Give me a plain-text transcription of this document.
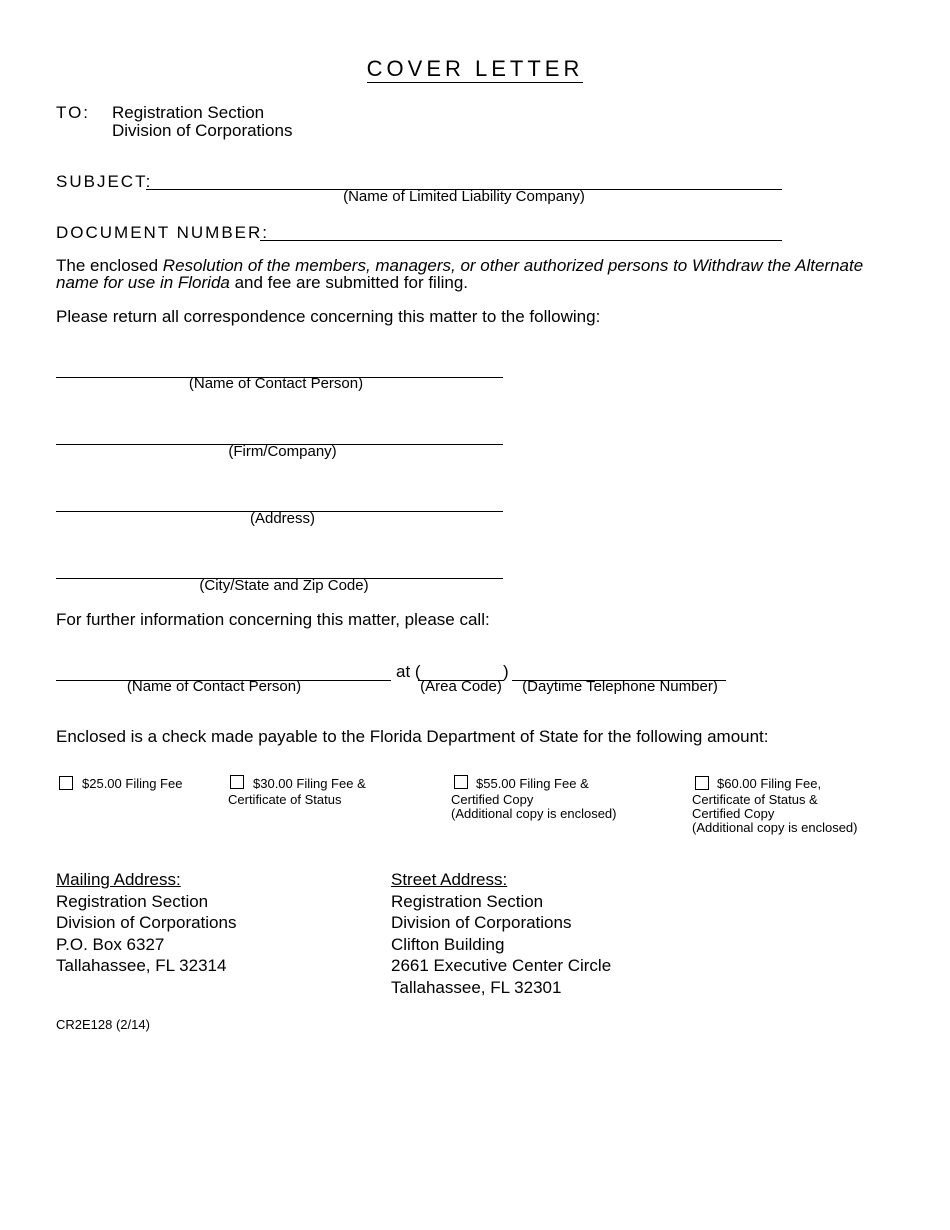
COVER LETTER
TO: Registration Section
Division of Corporations
SUBJECT:
(Name of Limited Liability Company)
DOCUMENT NUMBER:
The enclosed Resolution of the members, managers, or other authorized persons to Withdraw the Alternate
name for use in Florida and fee are submitted for filing.
Please return all correspondence concerning this matter to the following:
(Name of Contact Person)
(Firm/Company)
(Address)
(City/State and Zip Code)
For further information concerning this matter, please call:
at (	)
(Name of Contact Person)	(Area Code)	(Daytime Telephone Number)
Enclosed is a check made payable to the Florida Department of State for the following amount:
$25.00 Filing Fee	$30.00 Filing Fee &
Certificate of Status
$55.00 Filing Fee &
Certified Copy
(Additional copy is enclosed)
$60.00 Filing Fee,
Certificate of Status &
Certified Copy
(Additional copy is enclosed)
Mailing Address:
Registration Section
Division of Corporations
P.O. Box 6327
Tallahassee, FL 32314
Street Address:
Registration Section
Division of Corporations
Clifton Building
2661 Executive Center Circle
Tallahassee, FL 32301
CR2E128 (2/14)
